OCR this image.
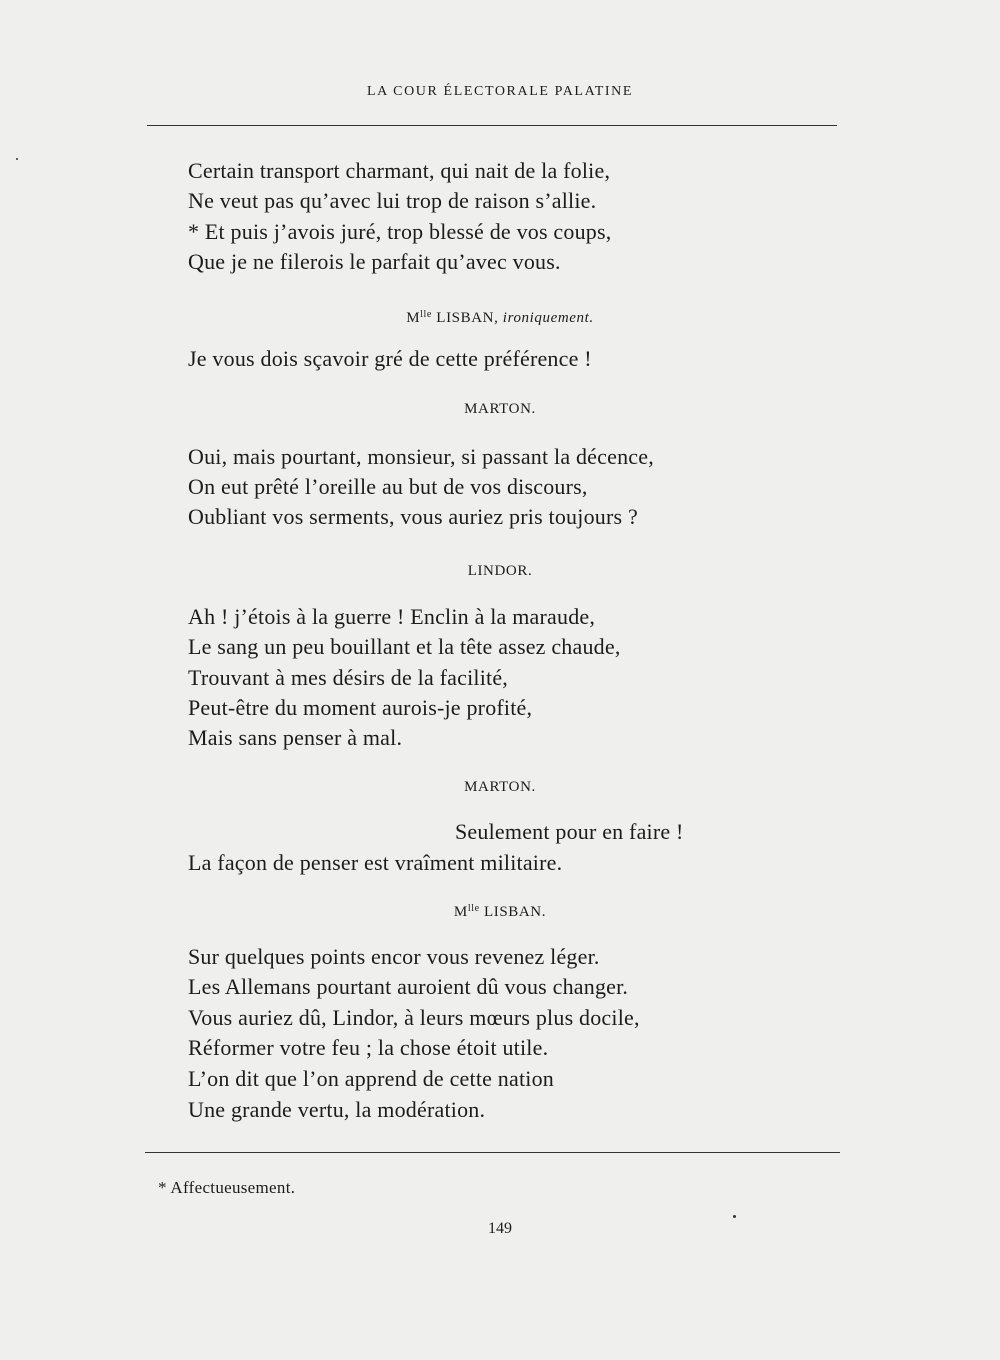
LA COUR ÉLECTORALE PALATINE
Certain transport charmant, qui nait de la folie,
Ne veut pas qu’avec lui trop de raison s’allie.
* Et puis j’avois juré, trop blessé de vos coups,
Que je ne filerois le parfait qu’avec vous.
$M^{lle}$ LISBAN, ironiquement.
Je vous dois sçavoir gré de cette préférence !
MARTON.
Oui, mais pourtant, monsieur, si passant la décence,
On eut prêté l’oreille au but de vos discours,
Oubliant vos serments, vous auriez pris toujours ?
LINDOR.
Ah ! j’étois à la guerre ! Enclin à la maraude,
Le sang un peu bouillant et la tête assez chaude,
Trouvant à mes désirs de la facilité,
Peut-être du moment aurois-je profité,
Mais sans penser à mal.
MARTON.
Seulement pour en faire !
La façon de penser est vraîment militaire.
$M^{lle}$ LISBAN.
Sur quelques points encor vous revenez léger.
Les Allemans pourtant auroient dû vous changer.
Vous auriez dû, Lindor, à leurs mœurs plus docile,
Réformer votre feu ; la chose étoit utile.
L’on dit que l’on apprend de cette nation
Une grande vertu, la modération.
* Affectueusement.
149
